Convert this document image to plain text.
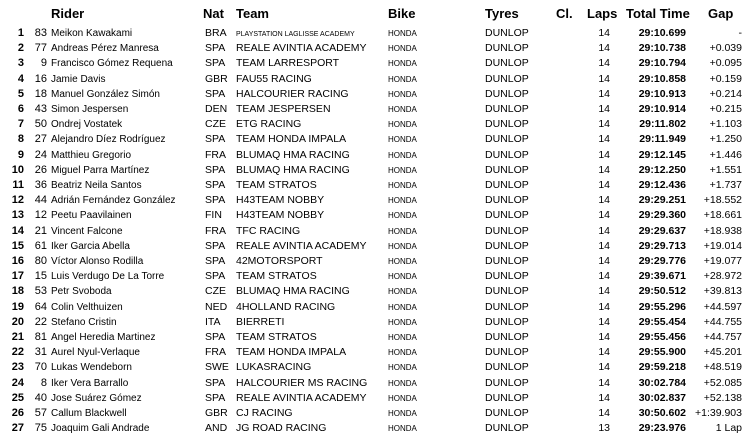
Rider	Nat Team	Bike	Tyres	Cl. Laps Total Time Gap
1 83 Meikon Kawakami	BRA PLAYSTATION LAGLISSE ACADEMY	HONDA	DUNLOP	14	29:10.699	-
2 77 Andreas Pérez Manresa	SPA REALE AVINTIA ACADEMY	HONDA	DUNLOP	14	29:10.738	+0.039
3	9 Francisco Gómez Requena	SPA TEAM LARRESPORT	HONDA	DUNLOP	14	29:10.794	+0.095
4 16 Jamie Davis	GBR FAU55 RACING	HONDA	DUNLOP	14	29:10.858	+0.159
5 18 Manuel González Simón	SPA HALCOURIER RACING	HONDA	DUNLOP	14	29:10.913	+0.214
6 43 Simon Jespersen	DEN TEAM JESPERSEN	HONDA	DUNLOP	14	29:10.914	+0.215
7 50 Ondrej Vostatek	CZE ETG RACING	HONDA	DUNLOP	14	29:11.802	+1.103
8 27 Alejandro Díez Rodríguez	SPA TEAM HONDA IMPALA	HONDA	DUNLOP	14	29:11.949	+1.250
9 24 Matthieu Gregorio	FRA BLUMAQ HMA RACING	HONDA	DUNLOP	14	29:12.145	+1.446
10 26 Miguel Parra Martínez	SPA BLUMAQ HMA RACING	HONDA	DUNLOP	14	29:12.250	+1.551
11 36 Beatriz Neila Santos	SPA TEAM STRATOS	HONDA	DUNLOP	14	29:12.436	+1.737
12 44 Adrián Fernández González	SPA H43TEAM NOBBY	HONDA	DUNLOP	14	29:29.251	+18.552
13 12 Peetu Paavilainen	FIN H43TEAM NOBBY	HONDA	DUNLOP	14	29:29.360	+18.661
14 21 Vincent Falcone	FRA TFC RACING	HONDA	DUNLOP	14	29:29.637	+18.938
15 61 Iker Garcia Abella	SPA REALE AVINTIA ACADEMY	HONDA	DUNLOP	14	29:29.713	+19.014
16 80 Víctor Alonso Rodilla	SPA 42MOTORSPORT	HONDA	DUNLOP	14	29:29.776	+19.077
17 15 Luis Verdugo De La Torre	SPA TEAM STRATOS	HONDA	DUNLOP	14	29:39.671	+28.972
18 53 Petr Svoboda	CZE BLUMAQ HMA RACING	HONDA	DUNLOP	14	29:50.512	+39.813
19 64 Colin Velthuizen	NED 4HOLLAND RACING	HONDA	DUNLOP	14	29:55.296	+44.597
20 22 Stefano Cristin	ITA BIERRETI	HONDA	DUNLOP	14	29:55.454	+44.755
21 81 Angel Heredia Martinez	SPA TEAM STRATOS	HONDA	DUNLOP	14	29:55.456	+44.757
22 31 Aurel Nyul-Verlaque	FRA TEAM HONDA IMPALA	HONDA	DUNLOP	14	29:55.900	+45.201
23 70 Lukas Wendeborn	SWE LUKASRACING	HONDA	DUNLOP	14	29:59.218	+48.519
24	8 Iker Vera Barrallo	SPA HALCOURIER MS RACING	HONDA	DUNLOP	14	30:02.784	+52.085
25 40 Jose Suárez Gómez	SPA REALE AVINTIA ACADEMY	HONDA	DUNLOP	14	30:02.837	+52.138
26 57 Callum Blackwell	GBR CJ RACING	HONDA	DUNLOP	14	30:50.602 +1:39.903
27 75 Joaquim Gali Andrade	AND JG ROAD RACING	HONDA	DUNLOP	13	29:23.976	1 Lap
